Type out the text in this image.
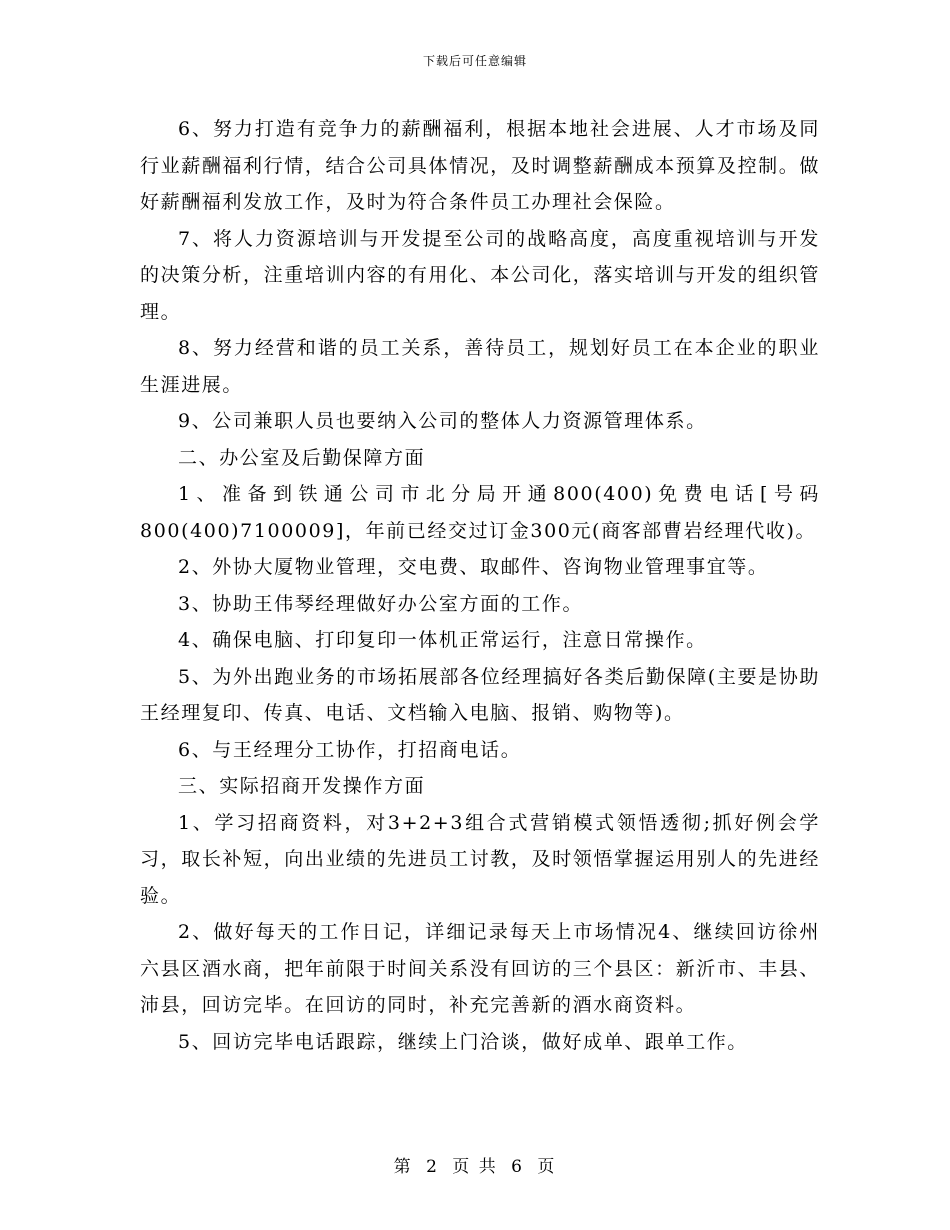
下载后可任意编辑

6、努力打造有竞争力的薪酬福利，根据本地社会进展、人才市场及同行业薪酬福利行情，结合公司具体情况，及时调整薪酬成本预算及控制。做好薪酬福利发放工作，及时为符合条件员工办理社会保险。

7、将人力资源培训与开发提至公司的战略高度，高度重视培训与开发的决策分析，注重培训内容的有用化、本公司化，落实培训与开发的组织管理。

8、努力经营和谐的员工关系，善待员工，规划好员工在本企业的职业生涯进展。

9、公司兼职人员也要纳入公司的整体人力资源管理体系。

二、办公室及后勤保障方面

1、准备到铁通公司市北分局开通800(400)免费电话[号码800(400)7100009]，年前已经交过订金300元(商客部曹岩经理代收)。

2、外协大厦物业管理，交电费、取邮件、咨询物业管理事宜等。

3、协助王伟琴经理做好办公室方面的工作。

4、确保电脑、打印复印一体机正常运行，注意日常操作。

5、为外出跑业务的市场拓展部各位经理搞好各类后勤保障(主要是协助王经理复印、传真、电话、文档输入电脑、报销、购物等)。

6、与王经理分工协作，打招商电话。

三、实际招商开发操作方面

1、学习招商资料，对3+2+3组合式营销模式领悟透彻;抓好例会学习，取长补短，向出业绩的先进员工讨教，及时领悟掌握运用别人的先进经验。

2、做好每天的工作日记，详细记录每天上市场情况4、继续回访徐州六县区酒水商，把年前限于时间关系没有回访的三个县区：新沂市、丰县、沛县，回访完毕。在回访的同时，补充完善新的酒水商资料。

5、回访完毕电话跟踪，继续上门洽谈，做好成单、跟单工作。

第 2 页 共 6 页
